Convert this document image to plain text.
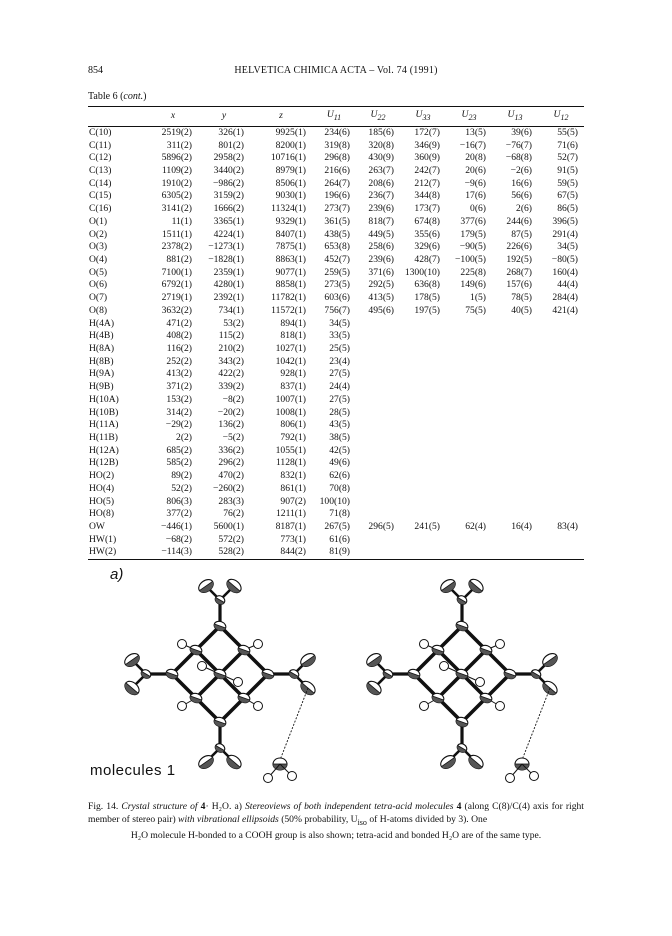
854	HELVETICA CHIMICA ACTA – Vol. 74 (1991)
Table 6 (cont.)
	x	y	z	$U_{11}$	$U_{22}$	$U_{33}$	$U_{23}$	$U_{13}$	$U_{12}$
C(10)	2519(2)	326(1)	9925(1)	234(6)	185(6)	172(7)	13(5)	39(6)	55(5)
C(11)	311(2)	801(2)	8200(1)	319(8)	320(8)	346(9)	−16(7)	−76(7)	71(6)
C(12)	5896(2)	2958(2)	10716(1)	296(8)	430(9)	360(9)	20(8)	−68(8)	52(7)
C(13)	1109(2)	3440(2)	8979(1)	216(6)	263(7)	242(7)	20(6)	−2(6)	91(5)
C(14)	1910(2)	−986(2)	8506(1)	264(7)	208(6)	212(7)	−9(6)	16(6)	59(5)
C(15)	6305(2)	3159(2)	9030(1)	196(6)	236(7)	344(8)	17(6)	56(6)	67(5)
C(16)	3141(2)	1666(2)	11324(1)	273(7)	239(6)	173(7)	0(6)	2(6)	86(5)
O(1)	11(1)	3365(1)	9329(1)	361(5)	818(7)	674(8)	377(6)	244(6)	396(5)
O(2)	1511(1)	4224(1)	8407(1)	438(5)	449(5)	355(6)	179(5)	87(5)	291(4)
O(3)	2378(2)	−1273(1)	7875(1)	653(8)	258(6)	329(6)	−90(5)	226(6)	34(5)
O(4)	881(2)	−1828(1)	8863(1)	452(7)	239(6)	428(7)	−100(5)	192(5)	−80(5)
O(5)	7100(1)	2359(1)	9077(1)	259(5)	371(6)	1300(10)	225(8)	268(7)	160(4)
O(6)	6792(1)	4280(1)	8858(1)	273(5)	292(5)	636(8)	149(6)	157(6)	44(4)
O(7)	2719(1)	2392(1)	11782(1)	603(6)	413(5)	178(5)	1(5)	78(5)	284(4)
O(8)	3632(2)	734(1)	11572(1)	756(7)	495(6)	197(5)	75(5)	40(5)	421(4)
H(4A)	471(2)	53(2)	894(1)	34(5)					
H(4B)	408(2)	115(2)	818(1)	33(5)					
H(8A)	116(2)	210(2)	1027(1)	25(5)					
H(8B)	252(2)	343(2)	1042(1)	23(4)					
H(9A)	413(2)	422(2)	928(1)	27(5)					
H(9B)	371(2)	339(2)	837(1)	24(4)					
H(10A)	153(2)	−8(2)	1007(1)	27(5)					
H(10B)	314(2)	−20(2)	1008(1)	28(5)					
H(11A)	−29(2)	136(2)	806(1)	43(5)					
H(11B)	2(2)	−5(2)	792(1)	38(5)					
H(12A)	685(2)	336(2)	1055(1)	42(5)					
H(12B)	585(2)	296(2)	1128(1)	49(6)					
HO(2)	89(2)	470(2)	832(1)	62(6)					
HO(4)	52(2)	−260(2)	861(1)	70(8)					
HO(5)	806(3)	283(3)	907(2)	100(10)					
HO(8)	377(2)	76(2)	1211(1)	71(8)					
OW	−446(1)	5600(1)	8187(1)	267(5)	296(5)	241(5)	62(4)	16(4)	83(4)
HW(1)	−68(2)	572(2)	773(1)	61(6)					
HW(2)	−114(3)	528(2)	844(2)	81(9)					
a)
molecules 1
Fig. 14. Crystal structure of 4· H₂O. a) Stereoviews of both independent tetra-acid molecules 4 (along C(8)/C(4) axis for right member of stereo pair) with vibrational ellipsoids (50% probability, $U_{iso}$ of H-atoms divided by 3). One
H₂O molecule H-bonded to a COOH group is also shown; tetra-acid and bonded H₂O are of the same type.
